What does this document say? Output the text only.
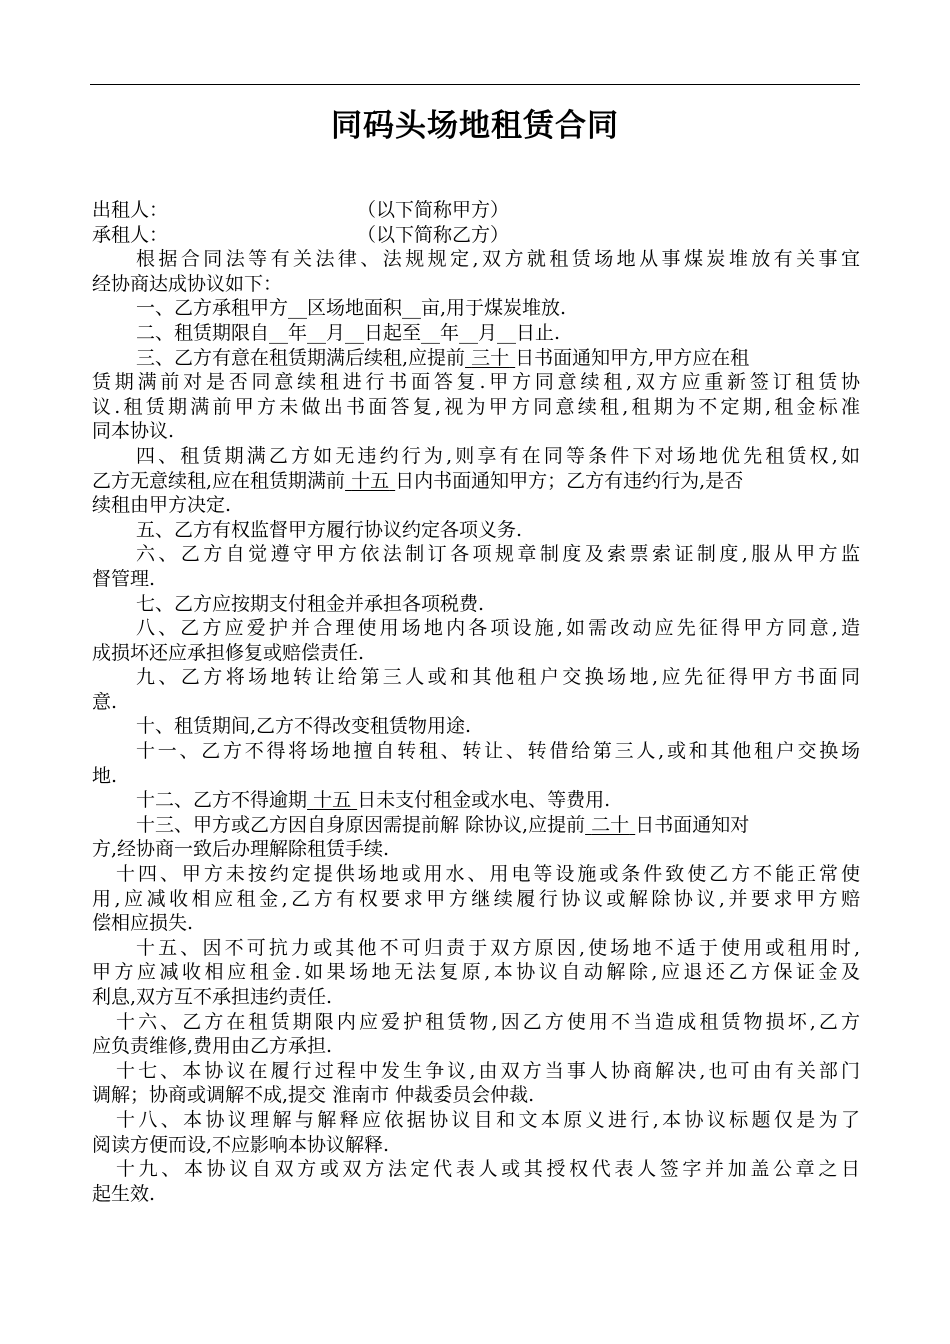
同码头场地租赁合同
出租人：	（以下简称甲方）
承租人：	（以下简称乙方）
根据合同法等有关法律、法规规定,双方就租赁场地从事煤炭堆放有关事宜
经协商达成协议如下：
一、乙方承租甲方__区场地面积__亩,用于煤炭堆放.
二、租赁期限自__年__月__日起至__年__月__日止.
三、乙方有意在租赁期满后续租,应提前 三十 日书面通知甲方,甲方应在租
赁期满前对是否同意续租进行书面答复.甲方同意续租,双方应重新签订租赁协
议.租赁期满前甲方未做出书面答复,视为甲方同意续租,租期为不定期,租金标准
同本协议.
四、租赁期满乙方如无违约行为,则享有在同等条件下对场地优先租赁权,如
乙方无意续租,应在租赁期满前 十五 日内书面通知甲方；乙方有违约行为,是否
续租由甲方决定.
五、乙方有权监督甲方履行协议约定各项义务.
六、乙方自觉遵守甲方依法制订各项规章制度及索票索证制度,服从甲方监
督管理.
七、乙方应按期支付租金并承担各项税费.
八、乙方应爱护并合理使用场地内各项设施,如需改动应先征得甲方同意,造
成损坏还应承担修复或赔偿责任.
九、乙方将场地转让给第三人或和其他租户交换场地,应先征得甲方书面同
意.
十、租赁期间,乙方不得改变租赁物用途.
十一、乙方不得将场地擅自转租、转让、转借给第三人,或和其他租户交换场
地.
十二、乙方不得逾期 十五 日未支付租金或水电、等费用.
十三、甲方或乙方因自身原因需提前解 除协议,应提前 二十 日书面通知对
方,经协商一致后办理解除租赁手续.
十四、甲方未按约定提供场地或用水、用电等设施或条件致使乙方不能正常使
用,应减收相应租金,乙方有权要求甲方继续履行协议或解除协议,并要求甲方赔
偿相应损失.
十五、因不可抗力或其他不可归责于双方原因,使场地不适于使用或租用时,
甲方应减收相应租金.如果场地无法复原,本协议自动解除,应退还乙方保证金及
利息,双方互不承担违约责任.
十六、乙方在租赁期限内应爱护租赁物,因乙方使用不当造成租赁物损坏,乙方
应负责维修,费用由乙方承担.
十七、本协议在履行过程中发生争议,由双方当事人协商解决,也可由有关部门
调解；协商或调解不成,提交 淮南市 仲裁委员会仲裁.
十八、本协议理解与解释应依据协议目和文本原义进行,本协议标题仅是为了
阅读方便而设,不应影响本协议解释.
十九、本协议自双方或双方法定代表人或其授权代表人签字并加盖公章之日
起生效.
